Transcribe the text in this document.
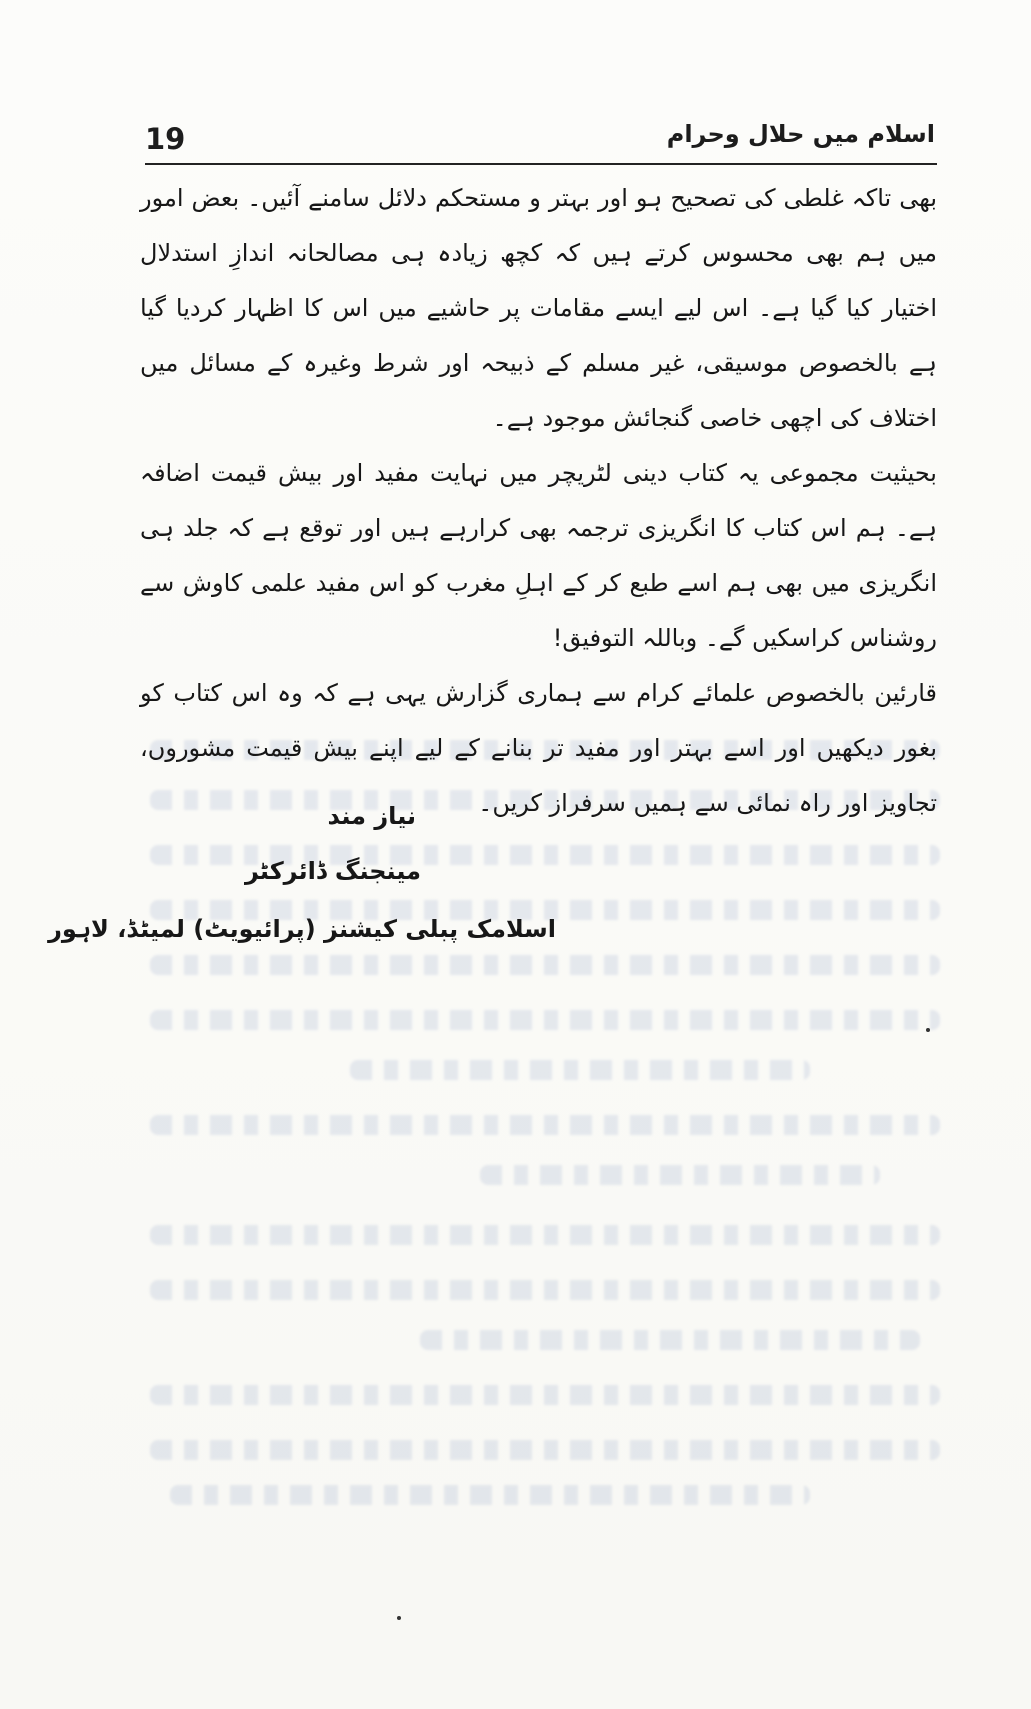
19	اسلام میں حلال وحرام

بھی تاکہ غلطی کی تصحیح ہو اور بہتر و مستحکم دلائل سامنے آئیں۔ بعض امور میں ہم بھی محسوس کرتے ہیں کہ کچھ زیادہ ہی مصالحانہ اندازِ استدلال اختیار کیا گیا ہے۔ اس لیے ایسے مقامات پر حاشیے میں اس کا اظہار کردیا گیا ہے بالخصوص موسیقی، غیر مسلم کے ذبیحہ اور شرط وغیرہ کے مسائل میں اختلاف کی اچھی خاصی گنجائش موجود ہے۔

بحیثیت مجموعی یہ کتاب دینی لٹریچر میں نہایت مفید اور بیش قیمت اضافہ ہے۔ ہم اس کتاب کا انگریزی ترجمہ بھی کرارہے ہیں اور توقع ہے کہ جلد ہی انگریزی میں بھی ہم اسے طبع کر کے اہلِ مغرب کو اس مفید علمی کاوش سے روشناس کراسکیں گے۔ وباللہ التوفیق!

قارئین بالخصوص علمائے کرام سے ہماری گزارش یہی ہے کہ وہ اس کتاب کو بغور دیکھیں اور اسے بہتر اور مفید تر بنانے کے لیے اپنے بیش قیمت مشوروں، تجاویز اور راہ نمائی سے ہمیں سرفراز کریں۔

نیاز مند
مینجنگ ڈائرکٹر
اسلامک پبلی کیشنز (پرائیویٹ) لمیٹڈ، لاہور
